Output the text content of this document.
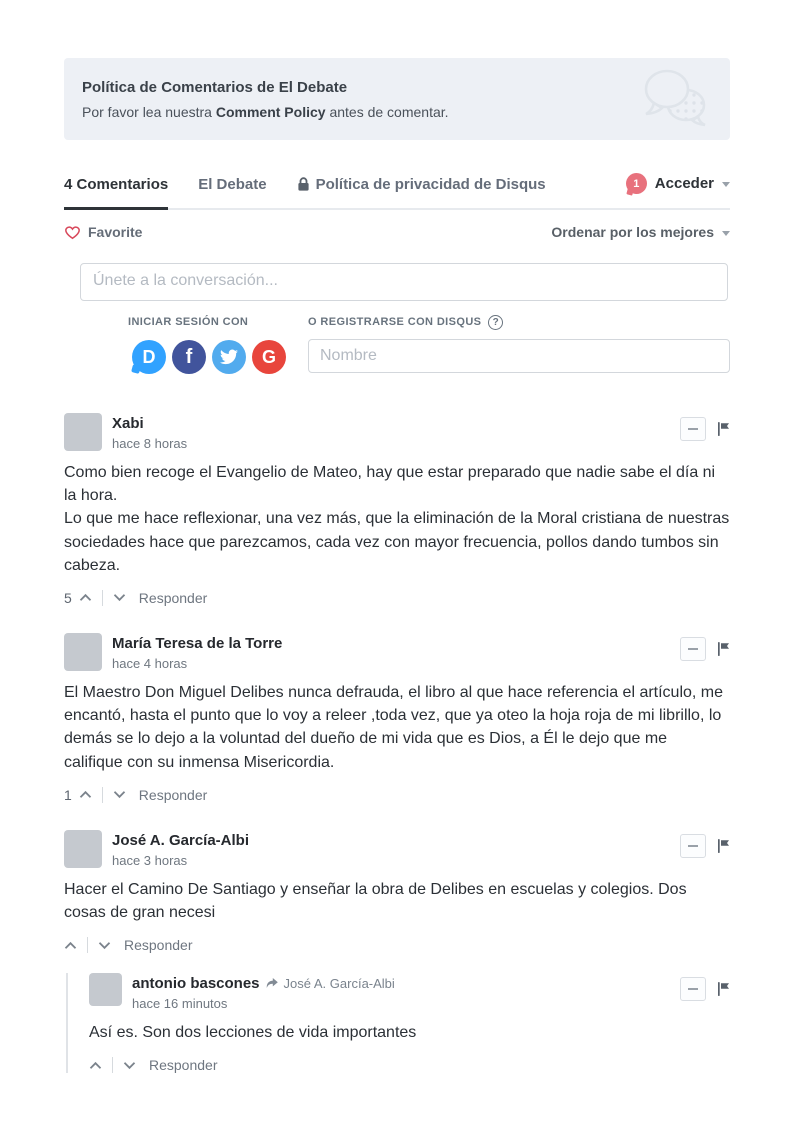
Política de Comentarios de El Debate
Por favor lea nuestra Comment Policy antes de comentar.
4 Comentarios El Debate	Política de privacidad de Disqus	1	Acceder
Favorite	Ordenar por los mejores
Únete a la conversación...
INICIAR SESIÓN CON
D f	G
O REGISTRARSE CON DISQUS	?
Nombre
Xabi
hace 8 horas

Como bien recoge el Evangelio de Mateo, hay que estar preparado que nadie sabe el día ni la hora.

Lo que me hace reflexionar, una vez más, que la eliminación de la Moral cristiana de nuestras sociedades hace que parezcamos, cada vez con mayor frecuencia, pollos dando tumbos sin cabeza.

5	Responder
María Teresa de la Torre
hace 4 horas

El Maestro Don Miguel Delibes nunca defrauda, el libro al que hace referencia el artículo, me encantó, hasta el punto que lo voy a releer ,toda vez, que ya oteo la hoja roja de mi librillo, lo demás se lo dejo a la voluntad del dueño de mi vida que es Dios, a Él le dejo que me califique con su inmensa Misericordia.

1	Responder
José A. García-Albi
hace 3 horas

Hacer el Camino De Santiago y enseñar la obra de Delibes en escuelas y colegios. Dos cosas de gran necesi

Responder
antonio bascones José A. García-Albi
hace 16 minutos

Así es. Son dos lecciones de vida importantes

Responder
